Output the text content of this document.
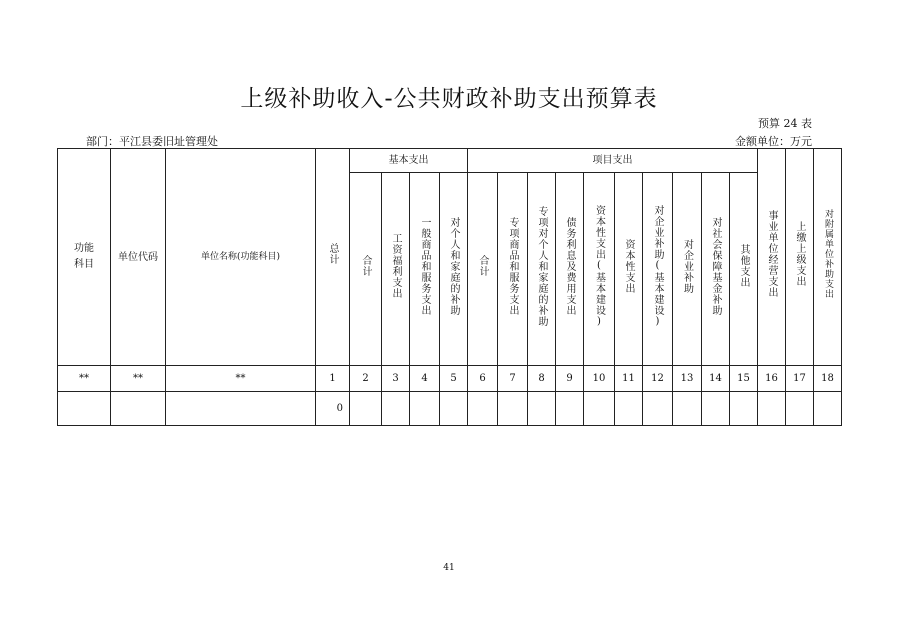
上级补助收入-公共财政补助支出预算表
预算 24 表
部门：平江县委旧址管理处	金额单位：万元
功能科目	单位代码	单位名称(功能科目)	总计	基本支出				项目支出										事业单位经营支出	上缴上级支出	对附属单位补助支出
				合计	工资福利支出	一般商品和服务支出	对个人和家庭的补助	合计	专项商品和服务支出	专项对个人和家庭的补助	债务利息及费用支出	资本性支出(基本建设)	资本性支出	对企业补助(基本建设)	对企业补助	对社会保障基金补助	其他支出			
**	**	**	1	2	3	4	5	6	7	8	9	10	11	12	13	14	15	16	17	18
			0																	
41
